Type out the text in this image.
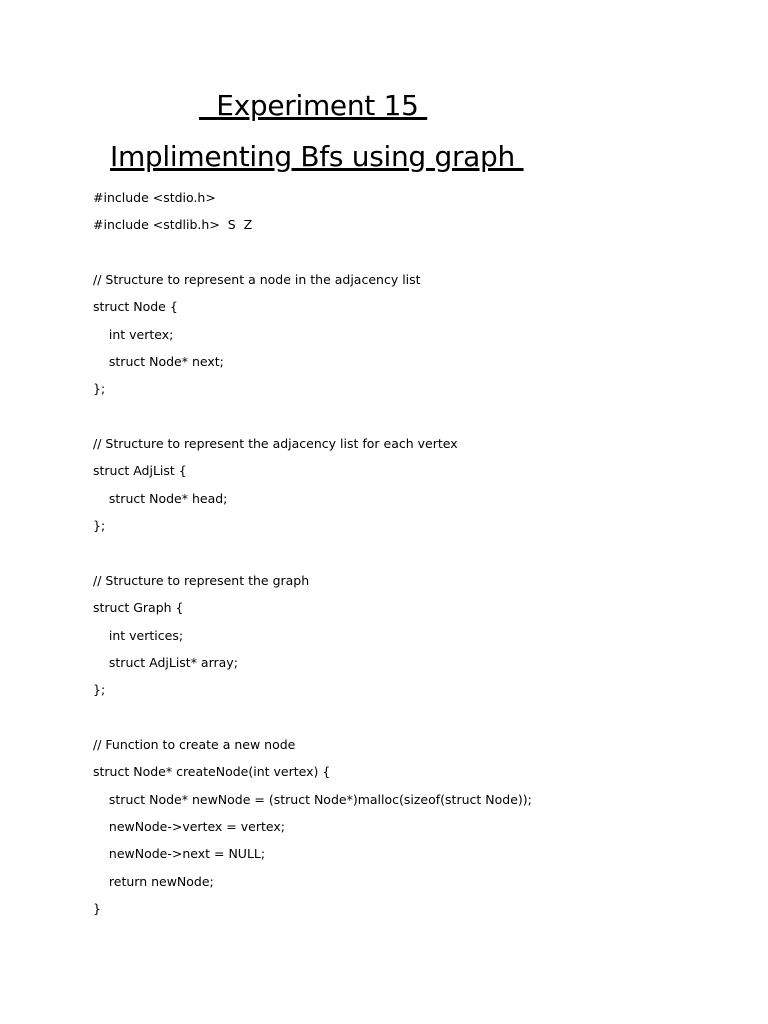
Experiment 15
Implimenting Bfs using graph
#include <stdio.h>
#include <stdlib.h>  S  Z
// Structure to represent a node in the adjacency list
struct Node {
int vertex;
struct Node* next;
};
// Structure to represent the adjacency list for each vertex
struct AdjList {
struct Node* head;
};
// Structure to represent the graph
struct Graph {
int vertices;
struct AdjList* array;
};
// Function to create a new node
struct Node* createNode(int vertex) {
struct Node* newNode = (struct Node*)malloc(sizeof(struct Node));
newNode->vertex = vertex;
newNode->next = NULL;
return newNode;
}
